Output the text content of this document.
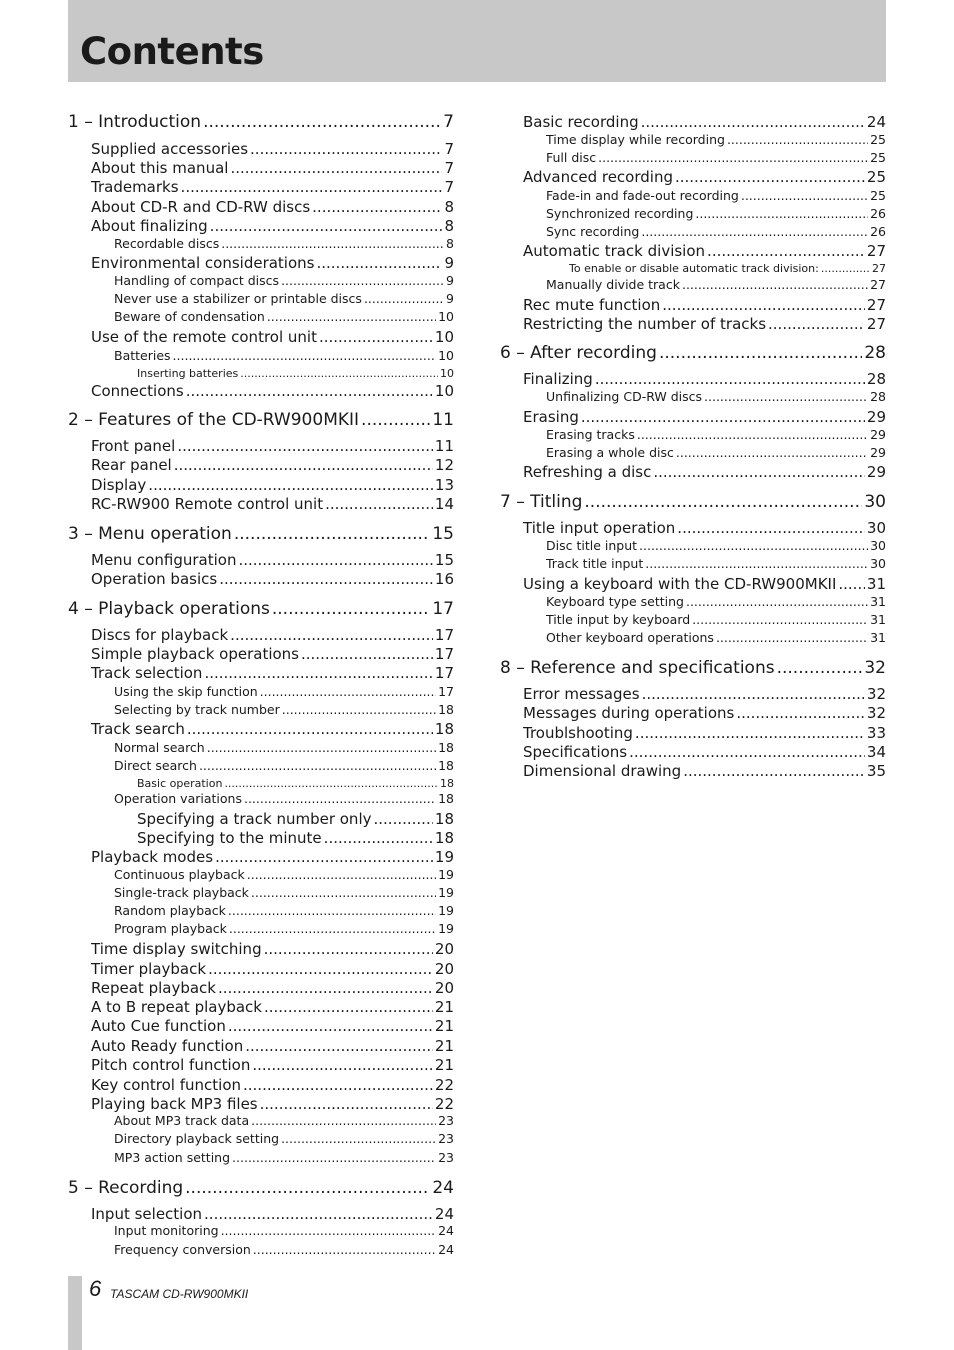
Contents
1 – Introduction .....	7
Supplied accessories .....	7
About this manual .....	7
Trademarks .....	7
About CD-R and CD-RW discs .....	8
About finalizing .....	8
Recordable discs .....	8
Environmental considerations .....	9
Handling of compact discs .....	9
Never use a stabilizer or printable discs .....	9
Beware of condensation .....	10
Use of the remote control unit .....	10
Batteries .....	10
Inserting batteries .....	10
Connections .....	10
2 – Features of the CD-RW900MKII .....	11
Front panel .....	11
Rear panel .....	12
Display .....	13
RC-RW900 Remote control unit .....	14
3 – Menu operation .....	15
Menu configuration .....	15
Operation basics .....	16
4 – Playback operations .....	17
Discs for playback .....	17
Simple playback operations .....	17
Track selection .....	17
Using the skip function .....	17
Selecting by track number .....	18
Track search .....	18
Normal search .....	18
Direct search .....	18
Basic operation .....	18
Operation variations .....	18
Specifying a track number only .....	18
Specifying to the minute .....	18
Playback modes .....	19
Continuous playback .....	19
Single-track playback .....	19
Random playback .....	19
Program playback .....	19
Time display switching .....	20
Timer playback .....	20
Repeat playback .....	20
A to B repeat playback .....	21
Auto Cue function .....	21
Auto Ready function .....	21
Pitch control function .....	21
Key control function .....	22
Playing back MP3 files .....	22
About MP3 track data .....	23
Directory playback setting .....	23
MP3 action setting .....	23
5 – Recording .....	24
Input selection .....	24
Input monitoring .....	24
Frequency conversion .....	24
Basic recording .....	24
Time display while recording .....	25
Full disc .....	25
Advanced recording .....	25
Fade-in and fade-out recording .....	25
Synchronized recording .....	26
Sync recording .....	26
Automatic track division .....	27
To enable or disable automatic track division: .....	27
Manually divide track .....	27
Rec mute function .....	27
Restricting the number of tracks .....	27
6 – After recording .....	28
Finalizing .....	28
Unfinalizing CD-RW discs .....	28
Erasing .....	29
Erasing tracks .....	29
Erasing a whole disc .....	29
Refreshing a disc .....	29
7 – Titling .....	30
Title input operation .....	30
Disc title input .....	30
Track title input .....	30
Using a keyboard with the CD-RW900MKII ..... 31
Keyboard type setting .....	31
Title input by keyboard .....	31
Other keyboard operations .....	31
8 – Reference and specifications .....	32
Error messages .....	32
Messages during operations .....	32
Troublshooting .....	33
Specifications .....	34
Dimensional drawing .....	35
6 TASCAM CD-RW900MKII
